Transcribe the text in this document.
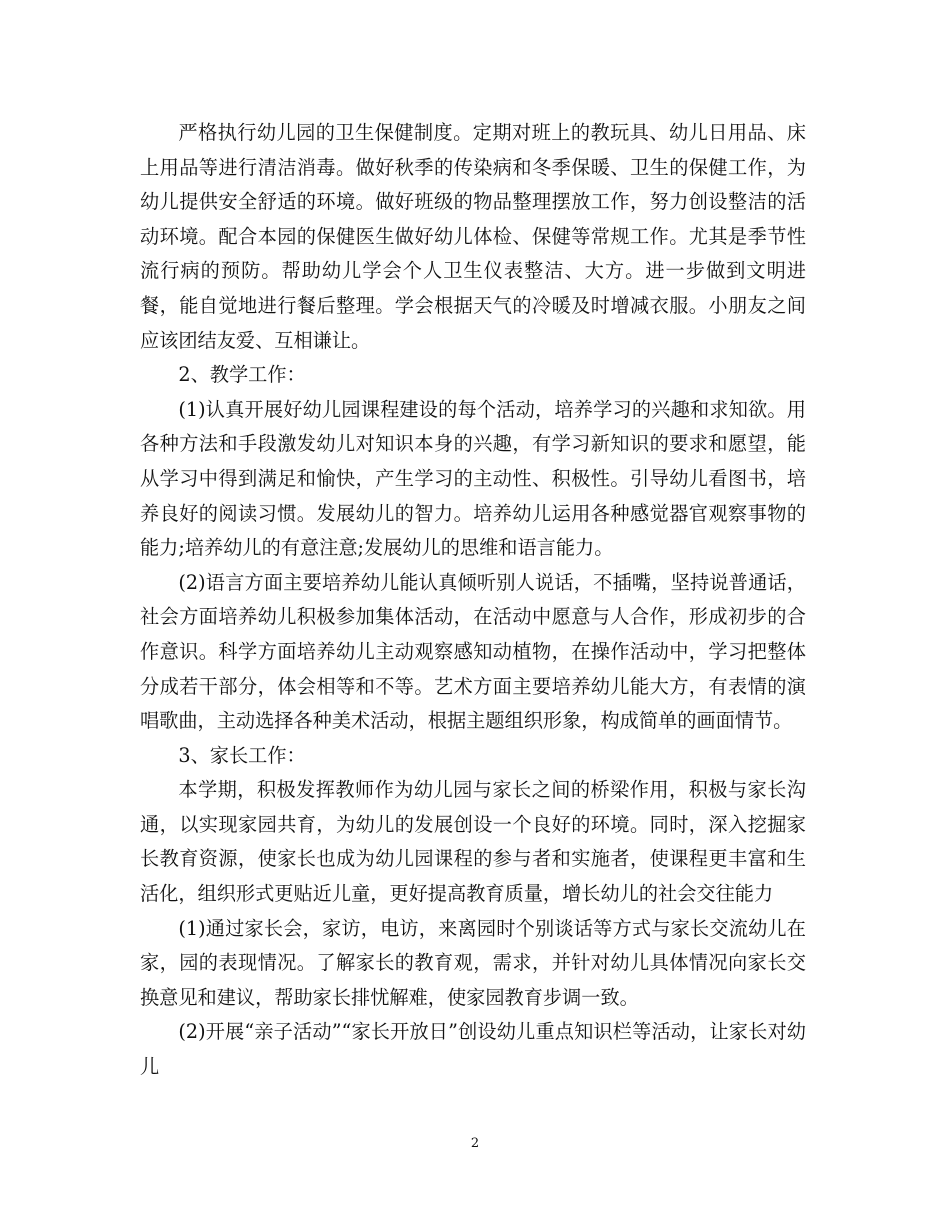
严格执行幼儿园的卫生保健制度。定期对班上的教玩具、幼儿日用品、床上用品等进行清洁消毒。做好秋季的传染病和冬季保暖、卫生的保健工作，为幼儿提供安全舒适的环境。做好班级的物品整理摆放工作，努力创设整洁的活动环境。配合本园的保健医生做好幼儿体检、保健等常规工作。尤其是季节性流行病的预防。帮助幼儿学会个人卫生仪表整洁、大方。进一步做到文明进餐，能自觉地进行餐后整理。学会根据天气的冷暖及时增减衣服。小朋友之间应该团结友爱、互相谦让。

2、教学工作：

(1)认真开展好幼儿园课程建设的每个活动，培养学习的兴趣和求知欲。用各种方法和手段激发幼儿对知识本身的兴趣，有学习新知识的要求和愿望，能从学习中得到满足和愉快，产生学习的主动性、积极性。引导幼儿看图书，培养良好的阅读习惯。发展幼儿的智力。培养幼儿运用各种感觉器官观察事物的能力;培养幼儿的有意注意;发展幼儿的思维和语言能力。

(2)语言方面主要培养幼儿能认真倾听别人说话，不插嘴，坚持说普通话，社会方面培养幼儿积极参加集体活动，在活动中愿意与人合作，形成初步的合作意识。科学方面培养幼儿主动观察感知动植物，在操作活动中，学习把整体分成若干部分，体会相等和不等。艺术方面主要培养幼儿能大方，有表情的演唱歌曲，主动选择各种美术活动，根据主题组织形象，构成简单的画面情节。

3、家长工作：

本学期，积极发挥教师作为幼儿园与家长之间的桥梁作用，积极与家长沟通，以实现家园共育，为幼儿的发展创设一个良好的环境。同时，深入挖掘家长教育资源，使家长也成为幼儿园课程的参与者和实施者，使课程更丰富和生活化，组织形式更贴近儿童，更好提高教育质量，增长幼儿的社会交往能力

(1)通过家长会，家访，电访，来离园时个别谈话等方式与家长交流幼儿在家，园的表现情况。了解家长的教育观，需求，并针对幼儿具体情况向家长交换意见和建议，帮助家长排忧解难，使家园教育步调一致。

(2)开展“亲子活动”“家长开放日”创设幼儿重点知识栏等活动，让家长对幼儿

2
